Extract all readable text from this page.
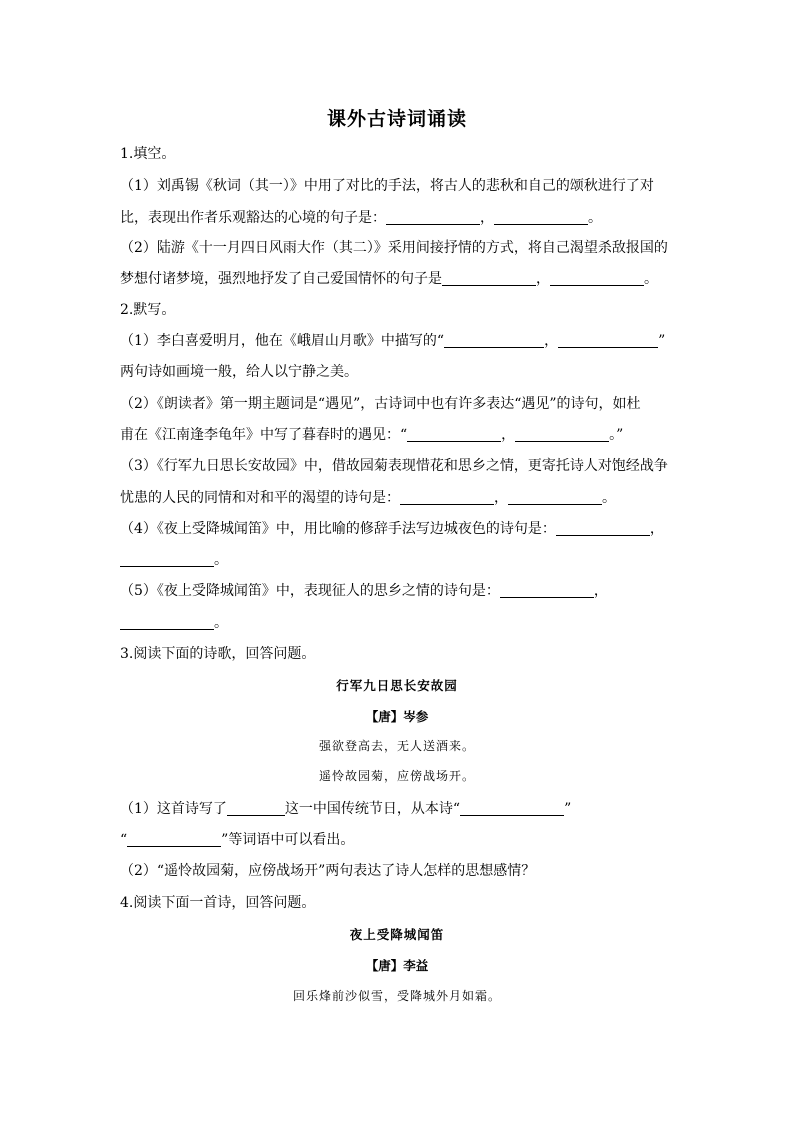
课外古诗词诵读
1.填空。
（1）刘禹锡《秋词（其一）》中用了对比的手法，将古人的悲秋和自己的颂秋进行了对
比，表现出作者乐观豁达的心境的句子是：	，	。
（2）陆游《十一月四日风雨大作（其二）》采用间接抒情的方式，将自己渴望杀敌报国的
梦想付诸梦境，强烈地抒发了自己爱国情怀的句子是	，	。
2.默写。
（1）李白喜爱明月，他在《峨眉山月歌》中描写的“	，	”
两句诗如画境一般，给人以宁静之美。
（2）《朗读者》第一期主题词是“遇见”，古诗词中也有许多表达“遇见”的诗句，如杜
甫在《江南逢李龟年》中写了暮春时的遇见：“	，	。”
（3）《行军九日思长安故园》中，借故园菊表现惜花和思乡之情，更寄托诗人对饱经战争
忧患的人民的同情和对和平的渴望的诗句是：	，	。
（4）《夜上受降城闻笛》中，用比喻的修辞手法写边城夜色的诗句是：	，
。
（5）《夜上受降城闻笛》中，表现征人的思乡之情的诗句是：	，
。
3.阅读下面的诗歌，回答问题。
行军九日思长安故园
【唐】岑参
强欲登高去，无人送酒来。
遥怜故园菊，应傍战场开。
（1）这首诗写了	这一中国传统节日，从本诗“	”
“	”等词语中可以看出。
（2）“遥怜故园菊，应傍战场开”两句表达了诗人怎样的思想感情？
4.阅读下面一首诗，回答问题。
夜上受降城闻笛
【唐】李益
回乐烽前沙似雪，受降城外月如霜。
